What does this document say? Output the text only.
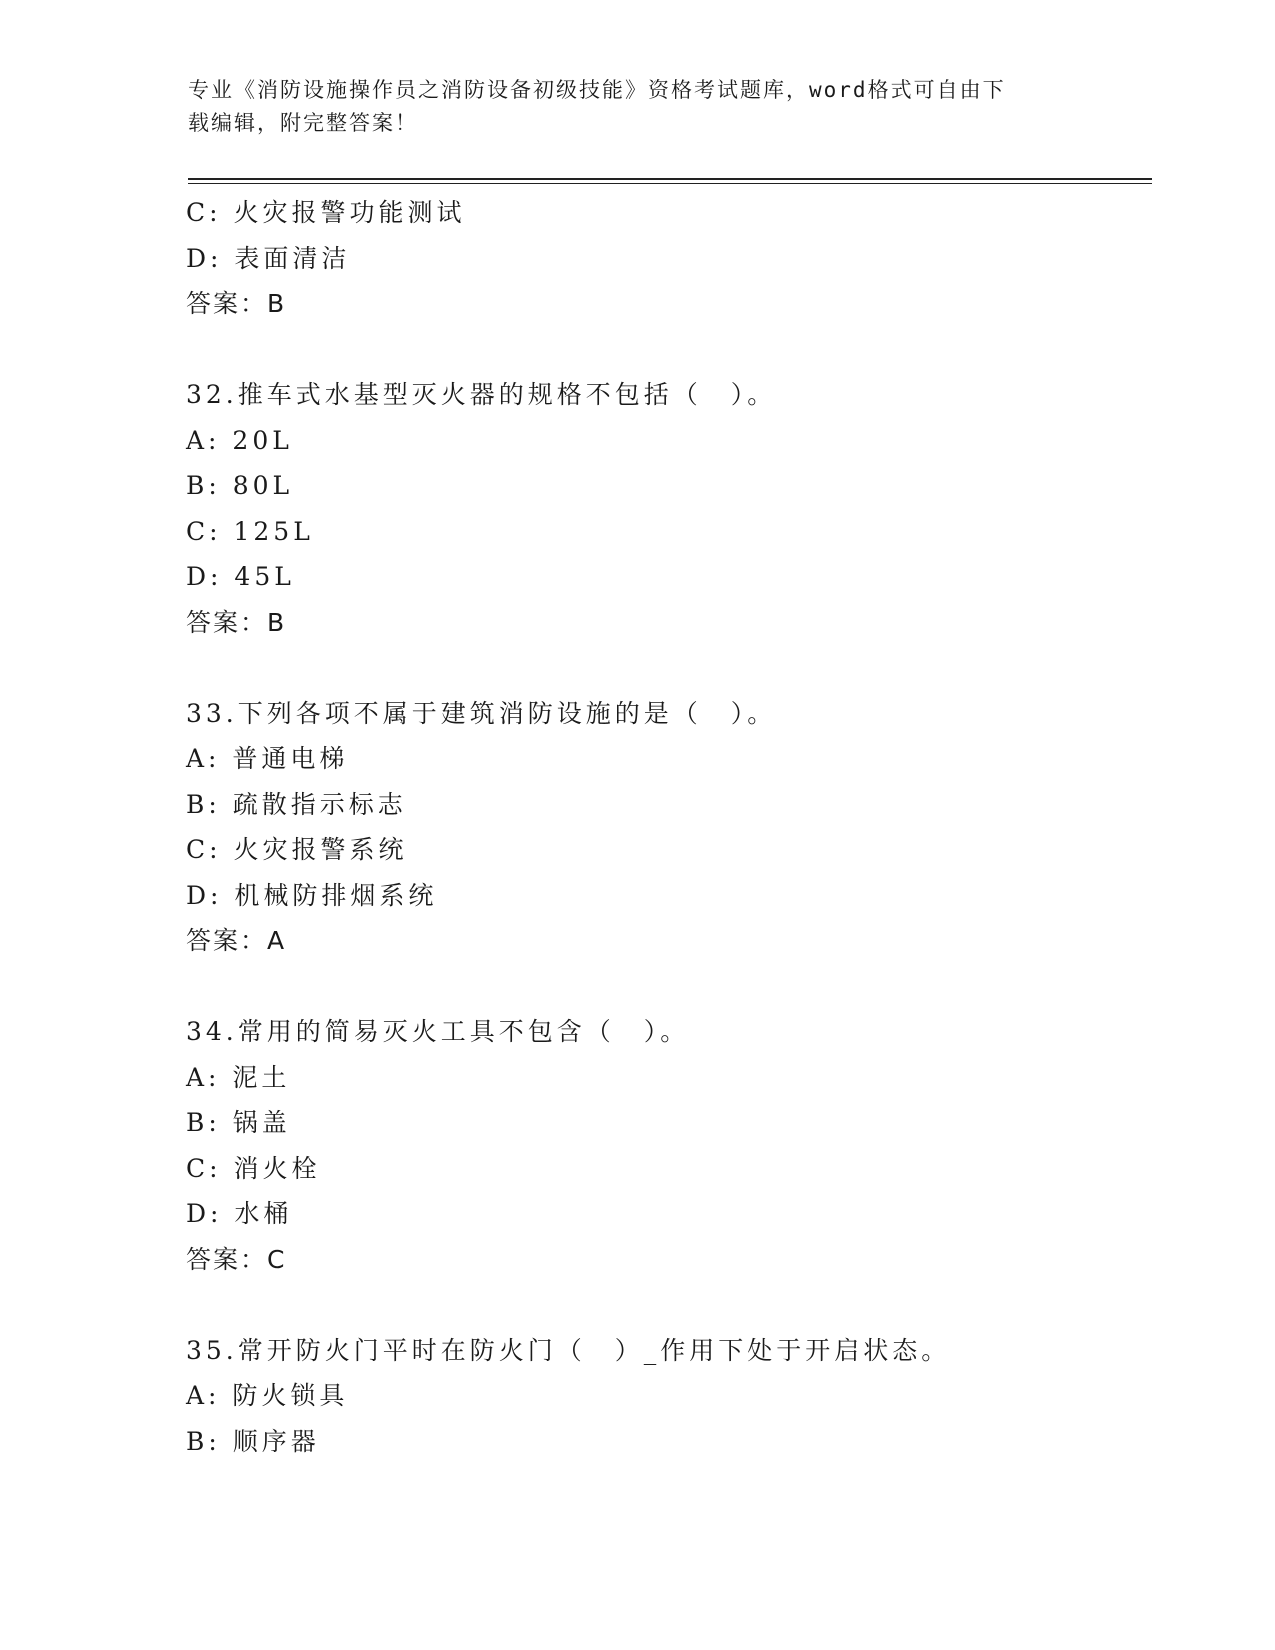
专业《消防设施操作员之消防设备初级技能》资格考试题库，word格式可自由下
载编辑，附完整答案！
C: 火灾报警功能测试
D: 表面清洁
答案：B
32.推车式水基型灭火器的规格不包括（　）。
A: 20L
B: 80L
C: 125L
D: 45L
答案：B
33.下列各项不属于建筑消防设施的是（　）。
A: 普通电梯
B: 疏散指示标志
C: 火灾报警系统
D: 机械防排烟系统
答案：A
34.常用的简易灭火工具不包含（　）。
A: 泥土
B: 锅盖
C: 消火栓
D: 水桶
答案：C
35.常开防火门平时在防火门（　）_作用下处于开启状态。
A: 防火锁具
B: 顺序器
